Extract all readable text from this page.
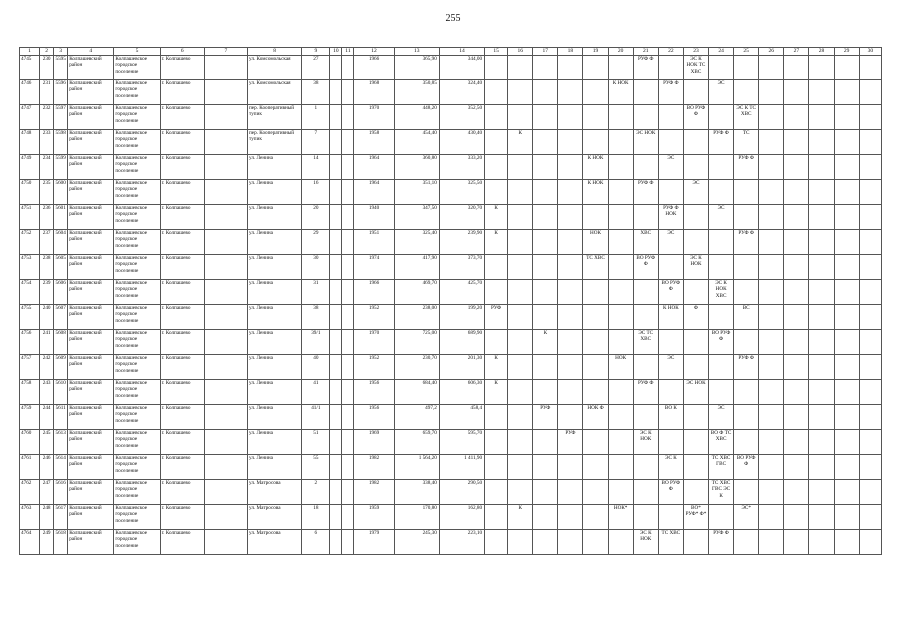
255
1	2	3	4	5	6	7	8	9	10	11	12	13	14	15	16	17	18	19	20	21	22	23	24	25	26	27	28	29	30
4745	230	5595	Колпашевский район	Колпашевское городское поселение	г. Колпашево		ул. Комсомольская	27			1966	365,90	344,00							РУФ Ф		ЭС К НОК ТС ХВС							
4746	231	5596	Колпашевский район	Колпашевское городское поселение	г. Колпашево		ул. Комсомольская	38			1968	350,85	324,40						К НОК		РУФ Ф		ЭС						
4747	232	5597	Колпашевский район	Колпашевское городское поселение	г. Колпашево		пер. Кооперативный тупик	1			1970	448,20	352,50									ВО РУФ Ф		ЭС К ТС ХВС					
4748	233	5598	Колпашевский район	Колпашевское городское поселение	г. Колпашево		пер. Кооперативный тупик	7			1958	454,40	430,40		К					ЭС НОК			РУФ Ф	ТС					
4749	234	5599	Колпашевский район	Колпашевское городское поселение	г. Колпашево		ул. Ленина	14			1964	360,80	333,20					К НОК			ЭС			РУФ Ф					
4750	235	5600	Колпашевский район	Колпашевское городское поселение	г. Колпашево		ул. Ленина	16			1964	351,10	325,50					К НОК		РУФ Ф		ЭС							
4751	236	5601	Колпашевский район	Колпашевское городское поселение	г. Колпашево		ул. Ленина	20			1940	347,50	320,70	К							РУФ Ф НОК		ЭС						
4752	237	5604	Колпашевский район	Колпашевское городское поселение	г. Колпашево		ул. Ленина	29			1951	325,40	239,90	К				НОК		ХВС	ЭС			РУФ Ф					
4753	238	5605	Колпашевский район	Колпашевское городское поселение	г. Колпашево		ул. Ленина	30			1974	417,90	373,70					ТС ХВС		ВО РУФ Ф		ЭС К НОК							
4754	239	5606	Колпашевский район	Колпашевское городское поселение	г. Колпашево		ул. Ленина	31			1966	469,70	425,70								ВО РУФ Ф		ЭС К НОК ХВС						
4755	240	5607	Колпашевский район	Колпашевское городское поселение	г. Колпашево		ул. Ленина	38			1952	238,00	199,20	РУФ							К НОК	Ф		ВС					
4756	241	5608	Колпашевский район	Колпашевское городское поселение	г. Колпашево		ул. Ленина	39/1			1970	725,00	689,90			К				ЭС ТС ХВС			ВО РУФ Ф						
4757	242	5609	Колпашевский район	Колпашевское городское поселение	г. Колпашево		ул. Ленина	40			1952	230,70	201,30	К					НОК		ЭС			РУФ Ф					
4758	243	5610	Колпашевский район	Колпашевское городское поселение	г. Колпашево		ул. Ленина	41			1956	684,40	606,30	К						РУФ Ф		ЭС НОК							
4759	244	5611	Колпашевский район	Колпашевское городское поселение	г. Колпашево		ул. Ленина	41/1			1956	497,2	458,4			РУФ		НОК Ф			ВО К		ЭС						
4760	245	5613	Колпашевский район	Колпашевское городское поселение	г. Колпашево		ул. Ленина	51			1969	659,70	595,70				РУФ			ЭС К НОК			ВО Ф ТС ХВС						
4761	246	5614	Колпашевский район	Колпашевское городское поселение	г. Колпашево		ул. Ленина	55			1982	1 564,20	1 411,90								ЭС К		ТС ХВС ГВС	ВО РУФ Ф					
4762	247	5616	Колпашевский район	Колпашевское городское поселение	г. Колпашево		ул. Матросова	2			1982	338,40	290,50								ВО РУФ Ф		ТС ХВС ГВС ЭС К						
4763	248	5617	Колпашевский район	Колпашевское городское поселение	г. Колпашево		ул. Матросова	18			1959	170,80	162,80		К				НОК*			ВО* РУФ* Ф*		ЭС*					
4764	249	5618	Колпашевский район	Колпашевское городское поселение	г. Колпашево		ул. Матросова	6			1979	245,30	223,10							ЭС К НОК	ТС ХВС		РУФ Ф						
